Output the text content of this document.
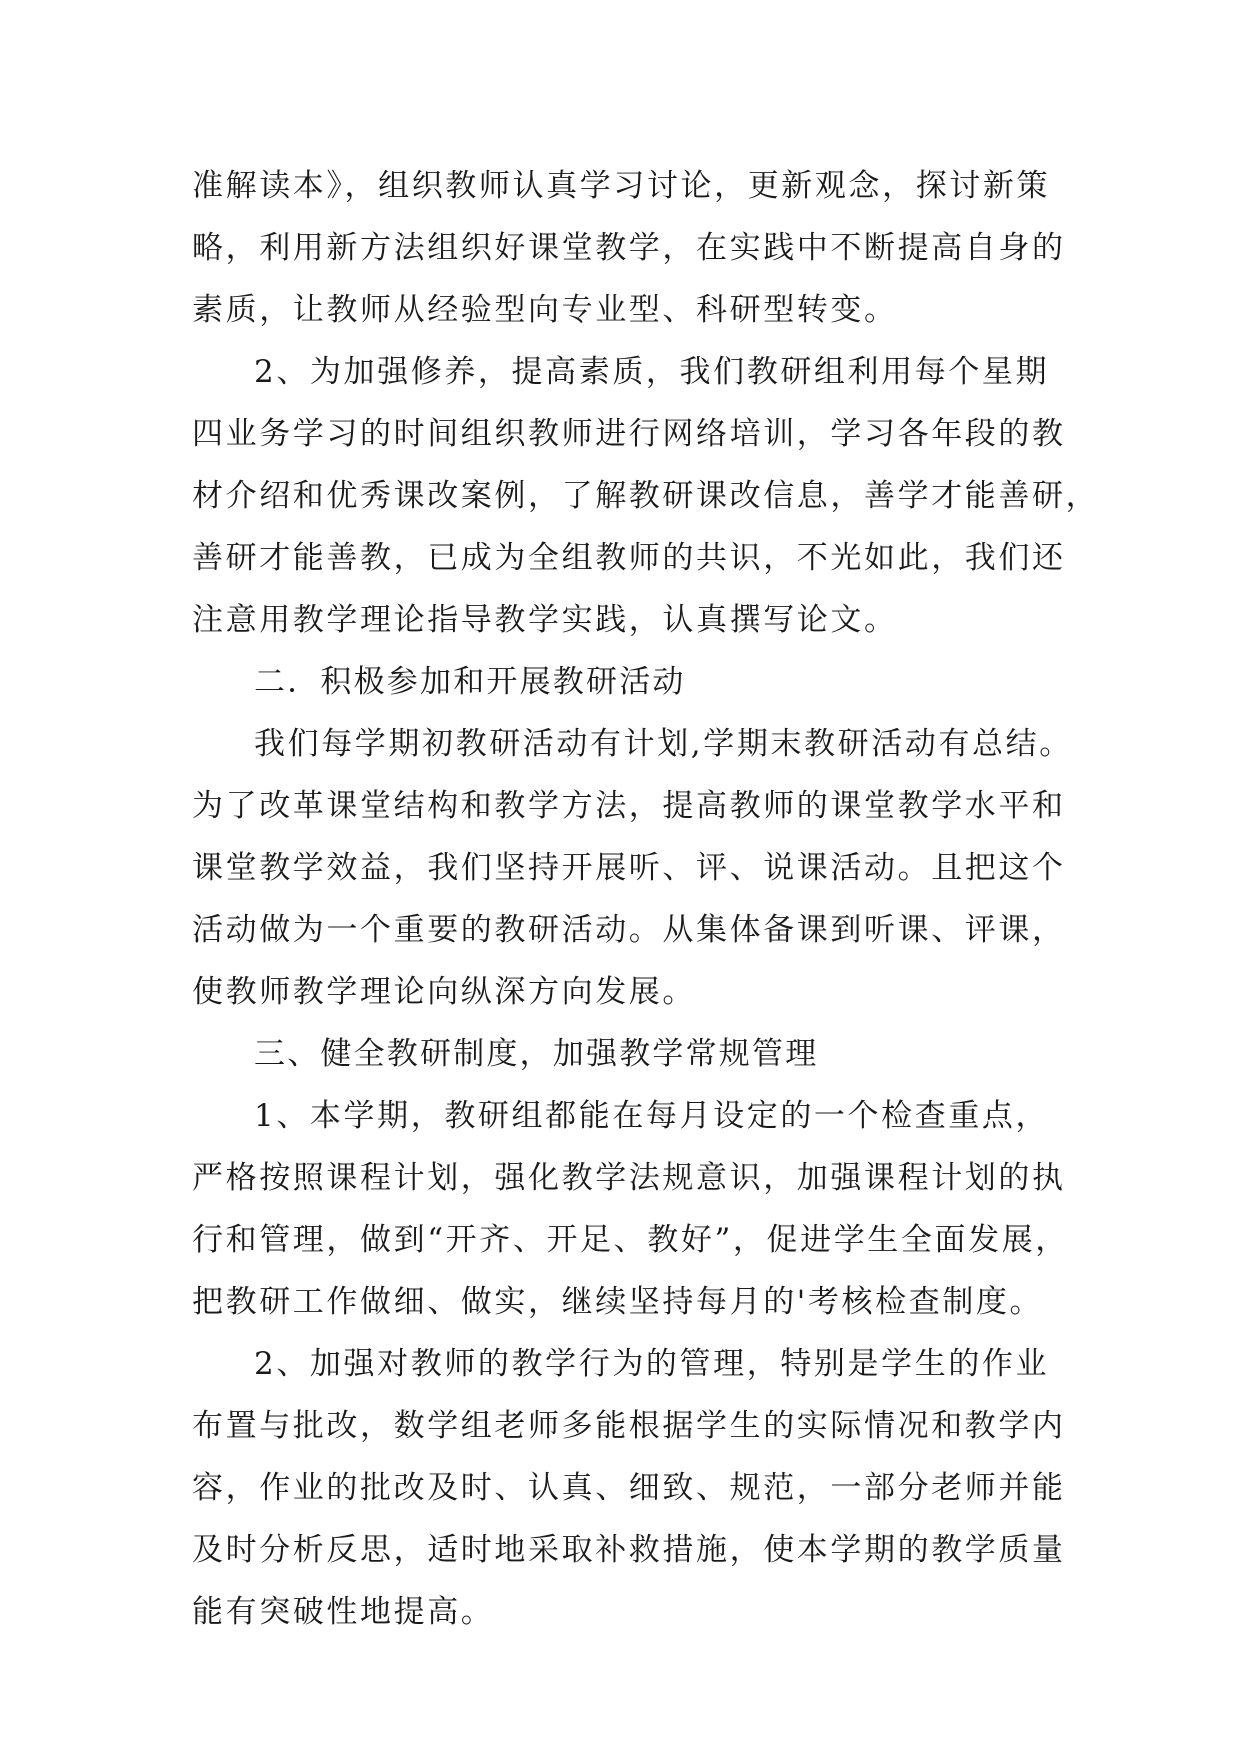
准解读本》，组织教师认真学习讨论，更新观念，探讨新策
略，利用新方法组织好课堂教学，在实践中不断提高自身的
素质，让教师从经验型向专业型、科研型转变。
2、为加强修养，提高素质，我们教研组利用每个星期
四业务学习的时间组织教师进行网络培训，学习各年段的教
材介绍和优秀课改案例，了解教研课改信息，善学才能善研，
善研才能善教，已成为全组教师的共识，不光如此，我们还
注意用教学理论指导教学实践，认真撰写论文。
二．积极参加和开展教研活动
我们每学期初教研活动有计划,学期末教研活动有总结。
为了改革课堂结构和教学方法，提高教师的课堂教学水平和
课堂教学效益，我们坚持开展听、评、说课活动。且把这个
活动做为一个重要的教研活动。从集体备课到听课、评课，
使教师教学理论向纵深方向发展。
三、健全教研制度，加强教学常规管理
1、本学期，教研组都能在每月设定的一个检查重点，
严格按照课程计划，强化教学法规意识，加强课程计划的执
行和管理，做到“开齐、开足、教好”，促进学生全面发展，
把教研工作做细、做实，继续坚持每月的'考核检查制度。
2、加强对教师的教学行为的管理，特别是学生的作业
布置与批改，数学组老师多能根据学生的实际情况和教学内
容，作业的批改及时、认真、细致、规范，一部分老师并能
及时分析反思，适时地采取补救措施，使本学期的教学质量
能有突破性地提高。
